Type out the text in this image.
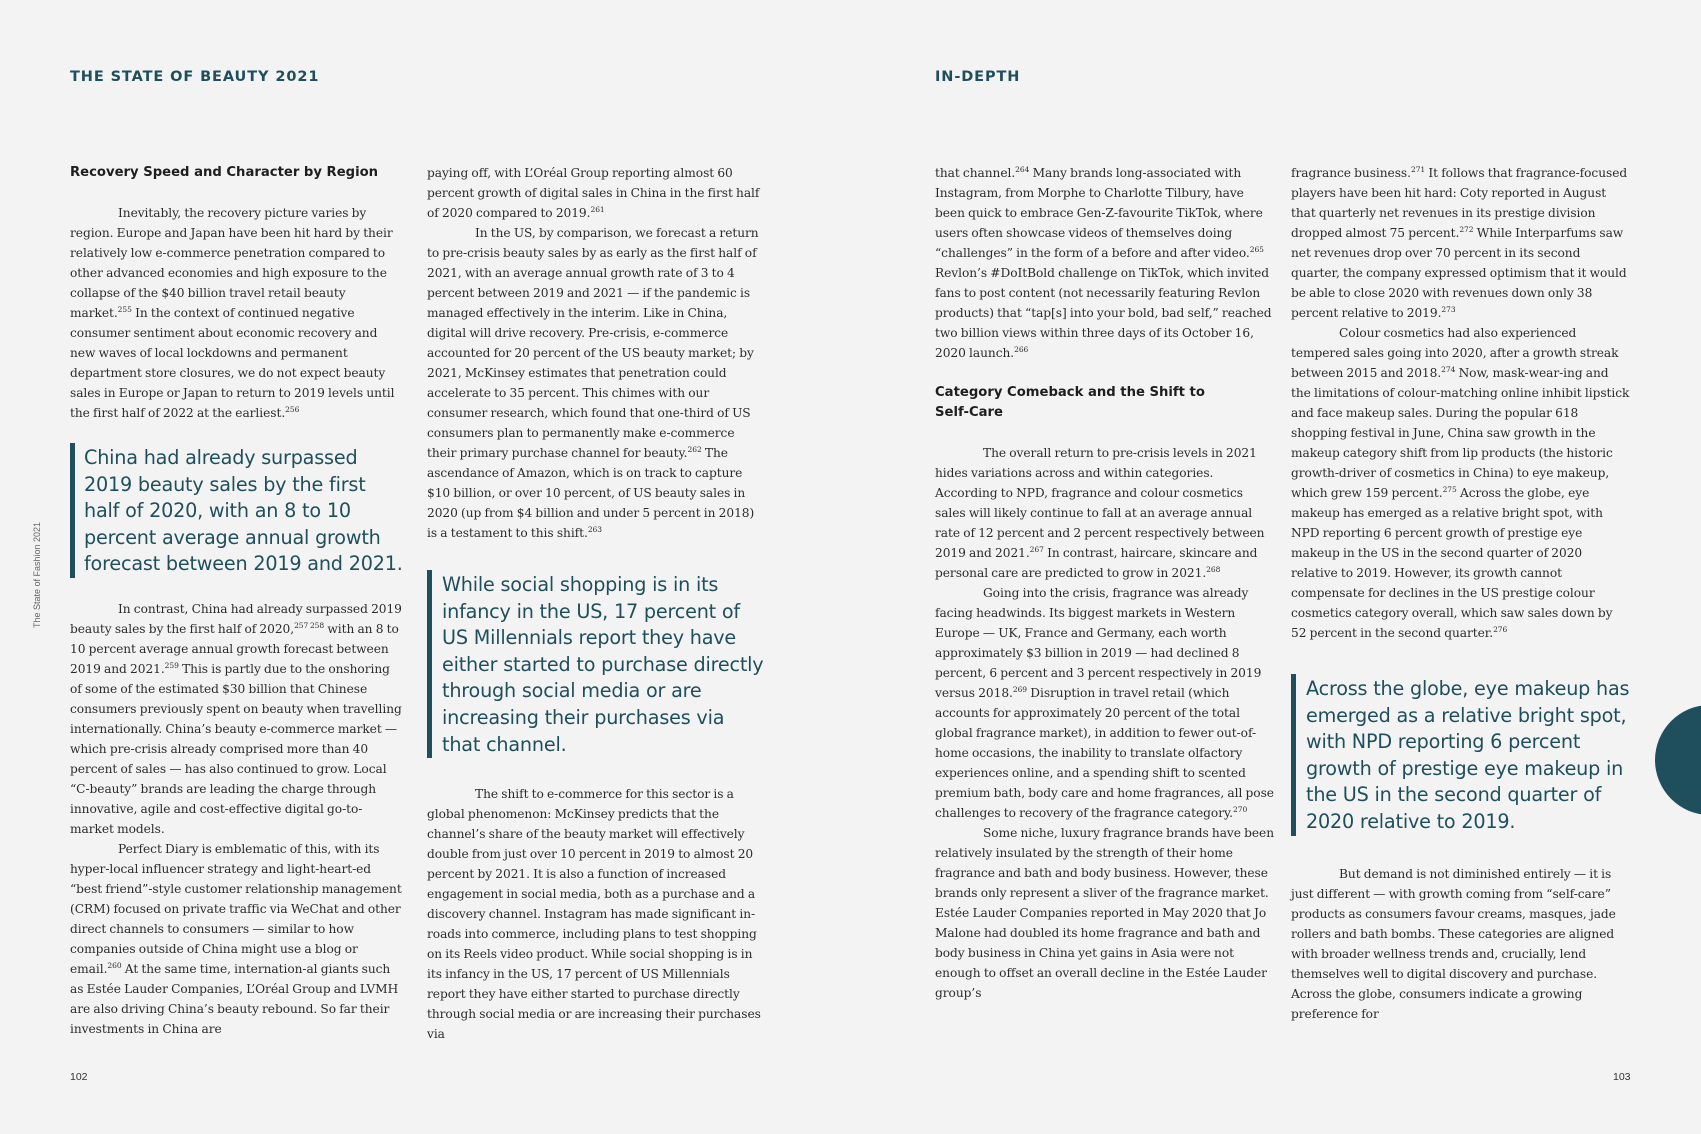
THE STATE OF BEAUTY 2021	IN-DEPTH
The State of Fashion 2021
Recovery Speed and Character by Region

Inevitably, the recovery picture varies by region. Europe and Japan have been hit hard by their relatively low e-commerce penetration compared to other advanced economies and high exposure to the collapse of the $40 billion travel retail beauty market.$^{255}$ In the context of continued negative consumer sentiment about economic recovery and new waves of local lockdowns and permanent department store closures, we do not expect beauty sales in Europe or Japan to return to 2019 levels until the first half of 2022 at the earliest.$^{256}$

China had already surpassed 2019 beauty sales by the first half of 2020, with an 8 to 10 percent average annual growth forecast between 2019 and 2021.

In contrast, China had already surpassed 2019 beauty sales by the first half of 2020,$^{257 258}$ with an 8 to 10 percent average annual growth forecast between 2019 and 2021.$^{259}$ This is partly due to the onshoring of some of the estimated $30 billion that Chinese consumers previously spent on beauty when travelling internationally. China’s beauty e-commerce market — which pre-crisis already comprised more than 40 percent of sales — has also continued to grow. Local “C-beauty” brands are leading the charge through innovative, agile and cost-effective digital go-to-market models.

Perfect Diary is emblematic of this, with its hyper-local influencer strategy and light-heart-ed “best friend”-style customer relationship management (CRM) focused on private traffic via WeChat and other direct channels to consumers — similar to how companies outside of China might use a blog or email.$^{260}$ At the same time, internation-al giants such as Estée Lauder Companies, L’Oréal Group and LVMH are also driving China’s beauty rebound. So far their investments in China are

paying off, with L’Oréal Group reporting almost 60 percent growth of digital sales in China in the first half of 2020 compared to 2019.$^{261}$

In the US, by comparison, we forecast a return to pre-crisis beauty sales by as early as the first half of 2021, with an average annual growth rate of 3 to 4 percent between 2019 and 2021 — if the pandemic is managed effectively in the interim. Like in China, digital will drive recovery. Pre-crisis, e-commerce accounted for 20 percent of the US beauty market; by 2021, McKinsey estimates that penetration could accelerate to 35 percent. This chimes with our consumer research, which found that one-third of US consumers plan to permanently make e-commerce their primary purchase channel for beauty.$^{262}$ The ascendance of Amazon, which is on track to capture $10 billion, or over 10 percent, of US beauty sales in 2020 (up from $4 billion and under 5 percent in 2018) is a testament to this shift.$^{263}$

While social shopping is in its infancy in the US, 17 percent of US Millennials report they have either started to purchase directly through social media or are increasing their purchases via that channel.

The shift to e-commerce for this sector is a global phenomenon: McKinsey predicts that the channel’s share of the beauty market will effectively double from just over 10 percent in 2019 to almost 20 percent by 2021. It is also a function of increased engagement in social media, both as a purchase and a discovery channel. Instagram has made significant in-roads into commerce, including plans to test shopping on its Reels video product. While social shopping is in its infancy in the US, 17 percent of US Millennials report they have either started to purchase directly through social media or are increasing their purchases via

that channel.$^{264}$ Many brands long-associated with Instagram, from Morphe to Charlotte Tilbury, have been quick to embrace Gen-Z-favourite TikTok, where users often showcase videos of themselves doing “challenges” in the form of a before and after video.$^{265}$ Revlon’s #DoItBold challenge on TikTok, which invited fans to post content (not necessarily featuring Revlon products) that “tap[s] into your bold, bad self,” reached two billion views within three days of its October 16, 2020 launch.$^{266}$

Category Comeback and the Shift to Self-Care

The overall return to pre-crisis levels in 2021 hides variations across and within categories. According to NPD, fragrance and colour cosmetics sales will likely continue to fall at an average annual rate of 12 percent and 2 percent respectively between 2019 and 2021.$^{267}$ In contrast, haircare, skincare and personal care are predicted to grow in 2021.$^{268}$

Going into the crisis, fragrance was already facing headwinds. Its biggest markets in Western Europe — UK, France and Germany, each worth approximately $3 billion in 2019 — had declined 8 percent, 6 percent and 3 percent respectively in 2019 versus 2018.$^{269}$ Disruption in travel retail (which accounts for approximately 20 percent of the total global fragrance market), in addition to fewer out-of-home occasions, the inability to translate olfactory experiences online, and a spending shift to scented premium bath, body care and home fragrances, all pose challenges to recovery of the fragrance category.$^{270}$

Some niche, luxury fragrance brands have been relatively insulated by the strength of their home fragrance and bath and body business. However, these brands only represent a sliver of the fragrance market. Estée Lauder Companies reported in May 2020 that Jo Malone had doubled its home fragrance and bath and body business in China yet gains in Asia were not enough to offset an overall decline in the Estée Lauder group’s

fragrance business.$^{271}$ It follows that fragrance-focused players have been hit hard: Coty reported in August that quarterly net revenues in its prestige division dropped almost 75 percent.$^{272}$ While Interparfums saw net revenues drop over 70 percent in its second quarter, the company expressed optimism that it would be able to close 2020 with revenues down only 38 percent relative to 2019.$^{273}$

Colour cosmetics had also experienced tempered sales going into 2020, after a growth streak between 2015 and 2018.$^{274}$ Now, mask-wear-ing and the limitations of colour-matching online inhibit lipstick and face makeup sales. During the popular 618 shopping festival in June, China saw growth in the makeup category shift from lip products (the historic growth-driver of cosmetics in China) to eye makeup, which grew 159 percent.$^{275}$ Across the globe, eye makeup has emerged as a relative bright spot, with NPD reporting 6 percent growth of prestige eye makeup in the US in the second quarter of 2020 relative to 2019. However, its growth cannot compensate for declines in the US prestige colour cosmetics category overall, which saw sales down by 52 percent in the second quarter.$^{276}$

Across the globe, eye makeup has emerged as a relative bright spot, with NPD reporting 6 percent growth of prestige eye makeup in the US in the second quarter of 2020 relative to 2019.

But demand is not diminished entirely — it is just different — with growth coming from “self-care” products as consumers favour creams, masques, jade rollers and bath bombs. These categories are aligned with broader wellness trends and, crucially, lend themselves well to digital discovery and purchase. Across the globe, consumers indicate a growing preference for

102	103
